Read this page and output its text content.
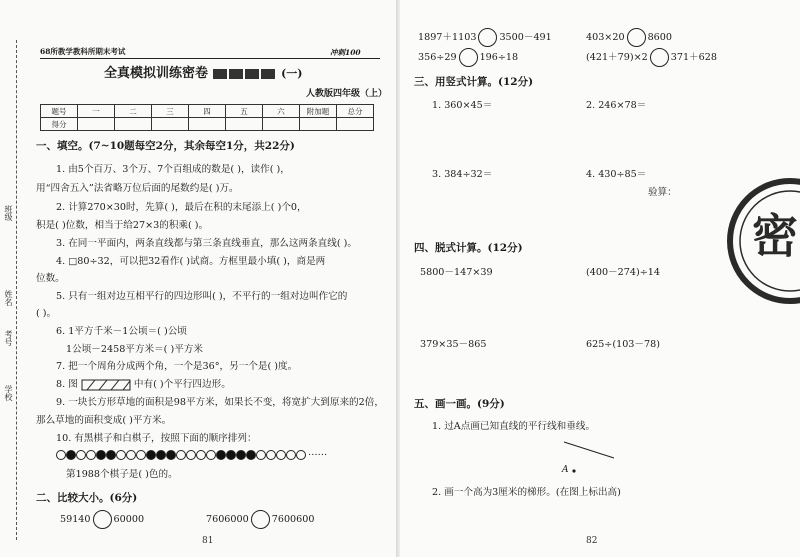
班级
姓名
考号
学校
68所教学教科所期末考试	冲刺100
全真模拟训练密卷	(一)
人教版四年级（上）
题号	一	二	三	四	五	六	附加题	总分
得分								
一、填空。(7~10题每空2分，其余每空1分，共22分)
1. 由5个百万、3个万、7个百组成的数是( )，读作( )，
用“四舍五入”法省略万位后面的尾数约是( )万。
2. 计算270×30时，先算( )，最后在积的末尾添上( )个0，
积是( )位数，相当于给27×3的积乘( )。
3. 在同一平面内，两条直线都与第三条直线垂直，那么这两条直线( )。
4. □80÷32，可以把32看作( )试商。方框里最小填( )，商是两
位数。
5. 只有一组对边互相平行的四边形叫( )，不平行的一组对边叫作它的
( )。
6. 1平方千米－1公顷＝( )公顷
1公顷－2458平方米＝( )平方米
7. 把一个周角分成两个角，一个是36°，另一个是( )度。
8. 图	中有( )个平行四边形。
9. 一块长方形草地的面积是98平方米，如果长不变，将宽扩大到原来的2倍，
那么草地的面积变成( )平方米。
10. 有黑棋子和白棋子，按照下面的顺序排列：
……
第1988个棋子是( )色的。
二、比较大小。(6分)
59140 60000	7606000 7600600
81
1897＋1103 3500－491	403×20 8600
356÷29 196÷18	(421＋79)×2 371＋628
三、用竖式计算。(12分)
1. 360×45＝	2. 246×78＝
3. 384÷32＝	4. 430÷85＝
验算：
四、脱式计算。(12分)
5800－147×39	(400－274)÷14
379×35－865	625÷(103－78)
五、画一画。(9分)
1. 过A点画已知直线的平行线和垂线。
A
2. 画一个高为3厘米的梯形。(在图上标出高)
密
82
